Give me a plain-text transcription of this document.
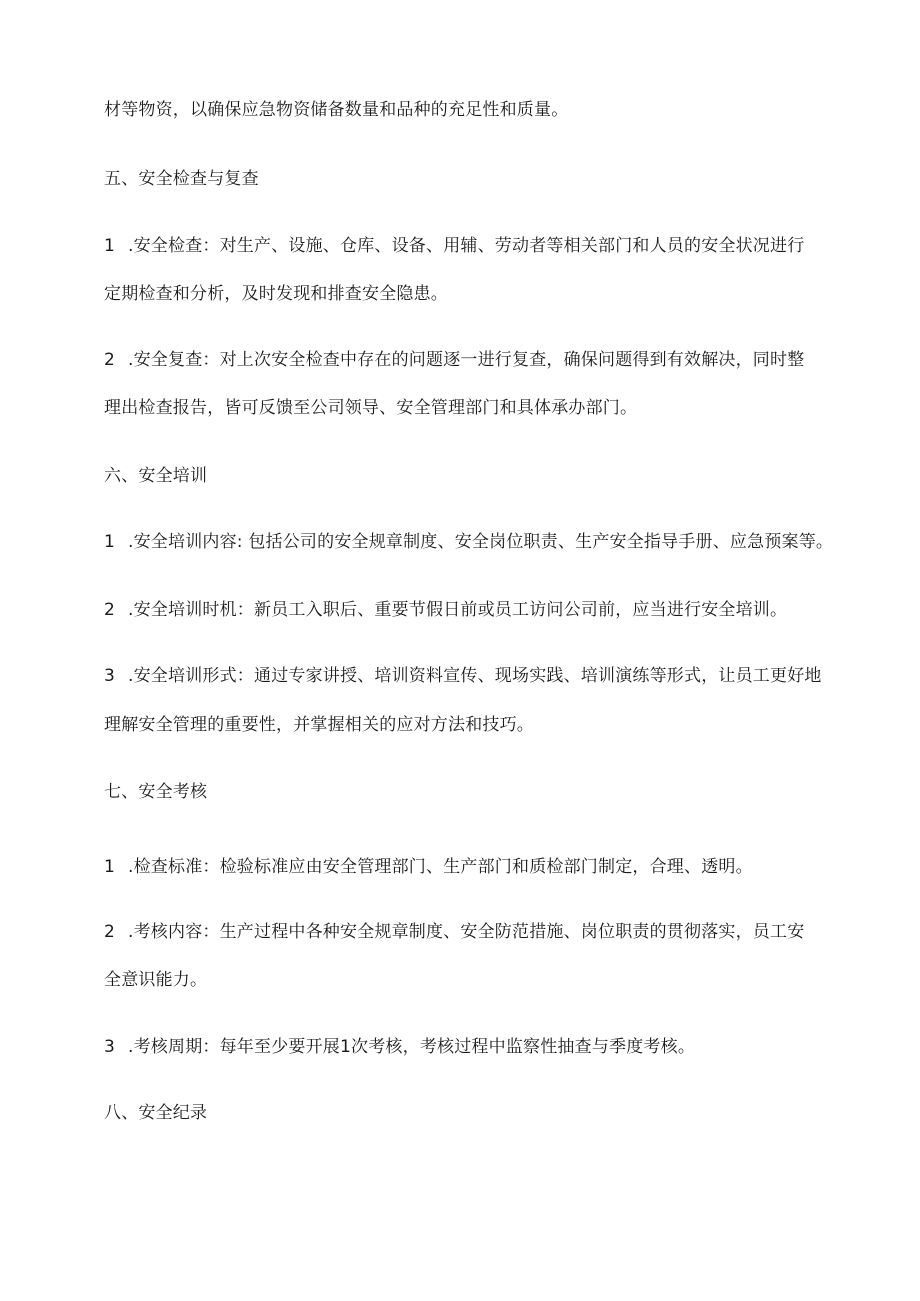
材等物资，以确保应急物资储备数量和品种的充足性和质量。
五、安全检查与复查
1 .安全检查：对生产、设施、仓库、设备、用辅、劳动者等相关部门和人员的安全状况进行
定期检查和分析，及时发现和排查安全隐患。
2 .安全复查：对上次安全检查中存在的问题逐一进行复查，确保问题得到有效解决，同时整
理出检查报告，皆可反馈至公司领导、安全管理部门和具体承办部门。
六、安全培训
1 .安全培训内容: 包括公司的安全规章制度、安全岗位职责、生产安全指导手册、应急预案等。
2 .安全培训时机：新员工入职后、重要节假日前或员工访问公司前，应当进行安全培训。
3 .安全培训形式：通过专家讲授、培训资料宣传、现场实践、培训演练等形式，让员工更好地
理解安全管理的重要性，并掌握相关的应对方法和技巧。
七、安全考核
1 .检查标准：检验标准应由安全管理部门、生产部门和质检部门制定，合理、透明。
2 .考核内容：生产过程中各种安全规章制度、安全防范措施、岗位职责的贯彻落实，员工安
全意识能力。
3 .考核周期：每年至少要开展1次考核，考核过程中监察性抽查与季度考核。
八、安全纪录
